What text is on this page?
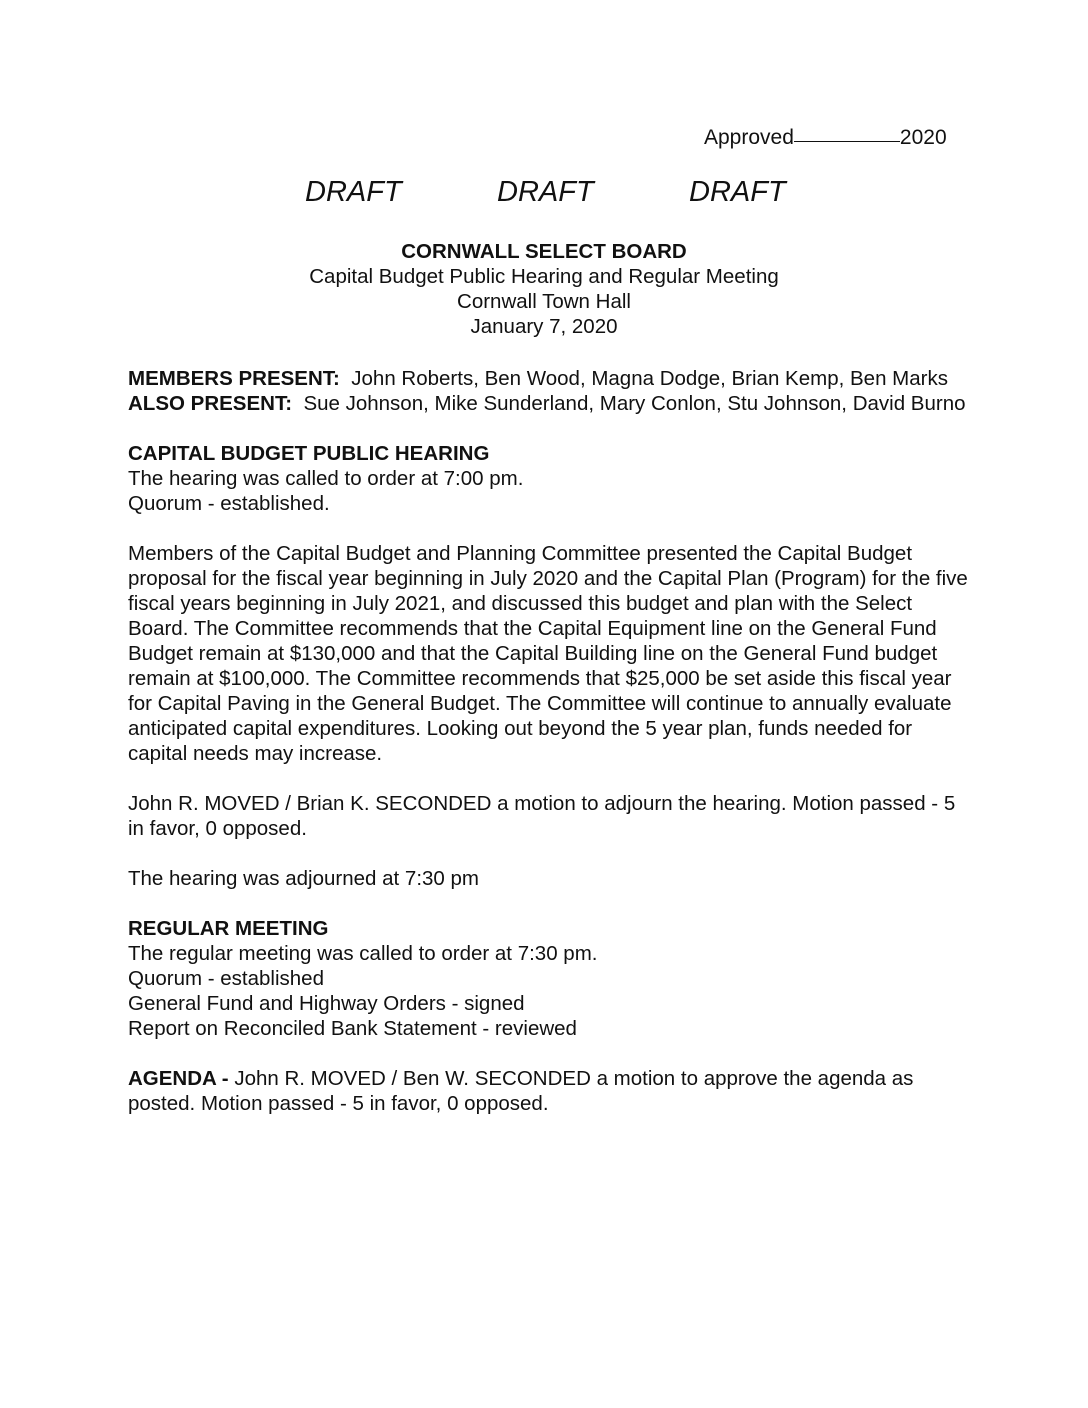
Approved	2020
DRAFT	DRAFT	DRAFT
CORNWALL SELECT BOARD
Capital Budget Public Hearing and Regular Meeting
Cornwall Town Hall
January 7, 2020

MEMBERS PRESENT: John Roberts, Ben Wood, Magna Dodge, Brian Kemp, Ben Marks

ALSO PRESENT: Sue Johnson, Mike Sunderland, Mary Conlon, Stu Johnson, David Burno

CAPITAL BUDGET PUBLIC HEARING

The hearing was called to order at 7:00 pm.

Quorum - established.

Members of the Capital Budget and Planning Committee presented the Capital Budget proposal for the fiscal year beginning in July 2020 and the Capital Plan (Program) for the five fiscal years beginning in July 2021, and discussed this budget and plan with the Select Board. The Committee recommends that the Capital Equipment line on the General Fund Budget remain at $130,000 and that the Capital Building line on the General Fund budget remain at $100,000. The Committee recommends that $25,000 be set aside this fiscal year for Capital Paving in the General Budget. The Committee will continue to annually evaluate anticipated capital expenditures. Looking out beyond the 5 year plan, funds needed for capital needs may increase.

John R. MOVED / Brian K. SECONDED a motion to adjourn the hearing. Motion passed - 5 in favor, 0 opposed.

The hearing was adjourned at 7:30 pm

REGULAR MEETING

The regular meeting was called to order at 7:30 pm.

Quorum - established

General Fund and Highway Orders - signed

Report on Reconciled Bank Statement - reviewed

AGENDA - John R. MOVED / Ben W. SECONDED a motion to approve the agenda as posted. Motion passed - 5 in favor, 0 opposed.
